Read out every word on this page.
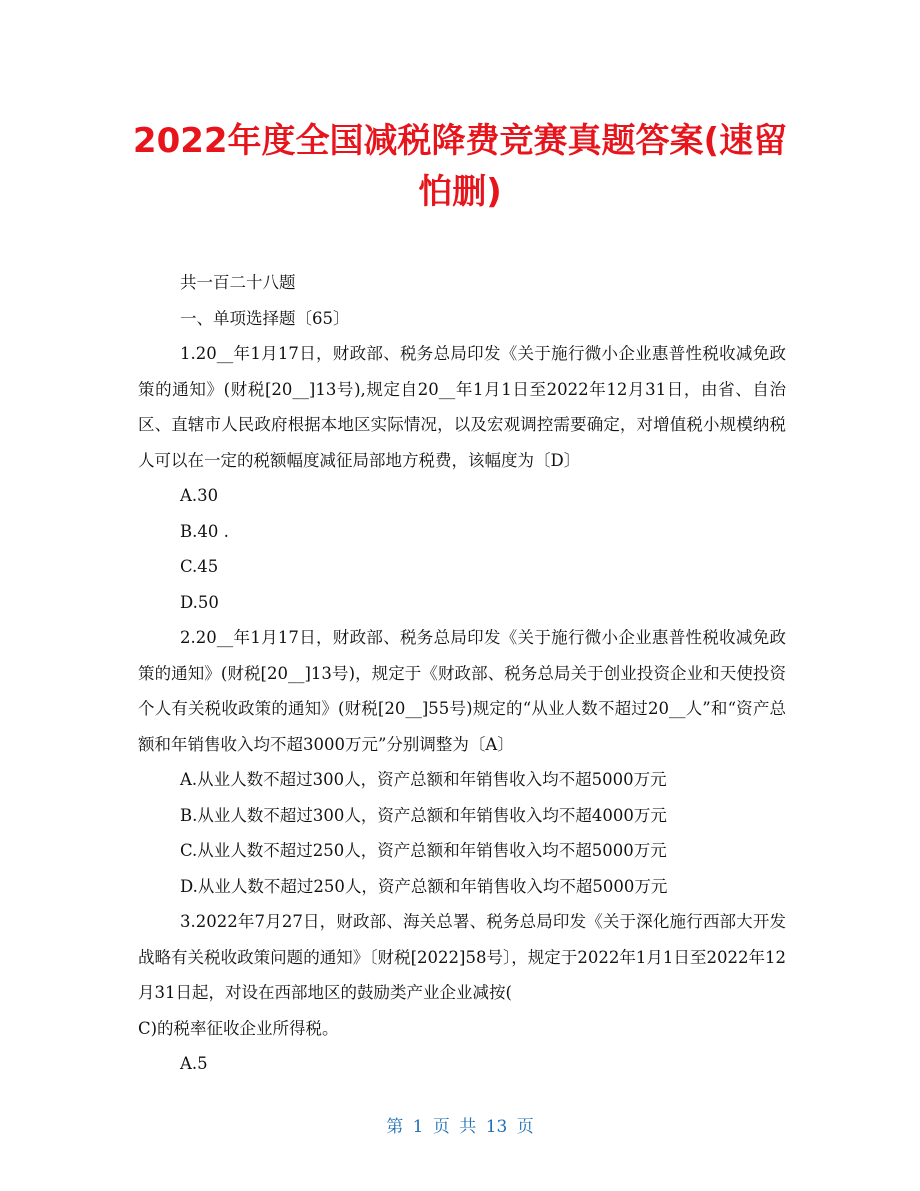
2022年度全国减税降费竞赛真题答案(速留怕删)

共一百二十八题

一、单项选择题〔65〕

1.20__年1月17日，财政部、税务总局印发《关于施行微小企业惠普性税收减免政策的通知》(财税[20__]13号),规定自20__年1月1日至2022年12月31日，由省、自治区、直辖市人民政府根据本地区实际情况，以及宏观调控需要确定，对增值税小规模纳税人可以在一定的税额幅度减征局部地方税费，该幅度为〔D〕

A.30

B.40 .

C.45

D.50

2.20__年1月17日，财政部、税务总局印发《关于施行微小企业惠普性税收减免政策的通知》(财税[20__]13号)，规定于《财政部、税务总局关于创业投资企业和天使投资个人有关税收政策的通知》(财税[20__]55号)规定的“从业人数不超过20__人”和“资产总额和年销售收入均不超3000万元”分别调整为〔A〕

A.从业人数不超过300人，资产总额和年销售收入均不超5000万元

B.从业人数不超过300人，资产总额和年销售收入均不超4000万元

C.从业人数不超过250人，资产总额和年销售收入均不超5000万元

D.从业人数不超过250人，资产总额和年销售收入均不超5000万元

3.2022年7月27日，财政部、海关总署、税务总局印发《关于深化施行西部大开发战略有关税收政策问题的通知》〔财税[2022]58号〕，规定于2022年1月1日至2022年12月31日起，对设在西部地区的鼓励类产业企业减按(

C)的税率征收企业所得税。

A.5

第 1 页 共 13 页
